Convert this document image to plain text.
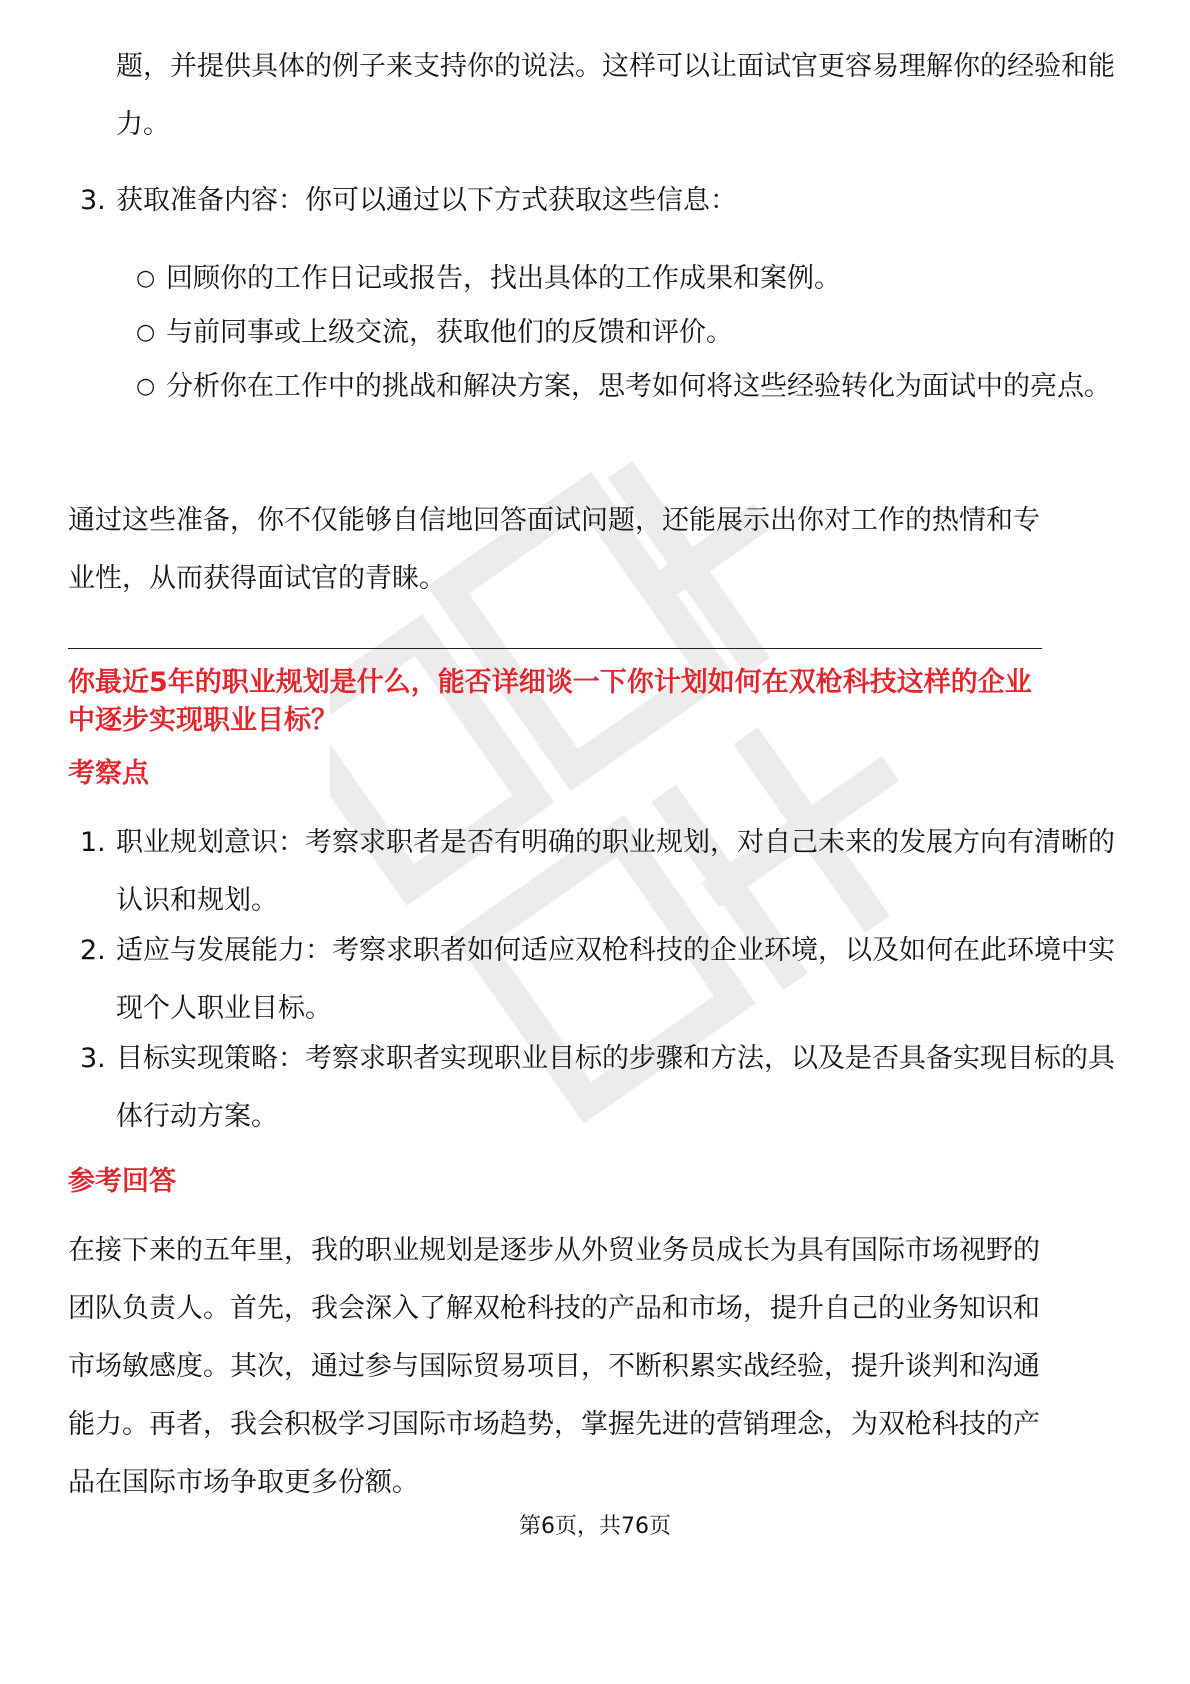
题，并提供具体的例子来支持你的说法。这样可以让面试官更容易理解你的经验和能力。

3. 获取准备内容：你可以通过以下方式获取这些信息：
○ 回顾你的工作日记或报告，找出具体的工作成果和案例。
○ 与前同事或上级交流，获取他们的反馈和评价。
○ 分析你在工作中的挑战和解决方案，思考如何将这些经验转化为面试中的亮点。

通过这些准备，你不仅能够自信地回答面试问题，还能展示出你对工作的热情和专业性，从而获得面试官的青睐。

你最近5年的职业规划是什么，能否详细谈一下你计划如何在双枪科技这样的企业中逐步实现职业目标？
考察点
1. 职业规划意识：考察求职者是否有明确的职业规划，对自己未来的发展方向有清晰的认识和规划。
2. 适应与发展能力：考察求职者如何适应双枪科技的企业环境，以及如何在此环境中实现个人职业目标。
3. 目标实现策略：考察求职者实现职业目标的步骤和方法，以及是否具备实现目标的具体行动方案。
参考回答

在接下来的五年里，我的职业规划是逐步从外贸业务员成长为具有国际市场视野的团队负责人。首先，我会深入了解双枪科技的产品和市场，提升自己的业务知识和市场敏感度。其次，通过参与国际贸易项目，不断积累实战经验，提升谈判和沟通能力。再者，我会积极学习国际市场趋势，掌握先进的营销理念，为双枪科技的产品在国际市场争取更多份额。

第6页，共76页
